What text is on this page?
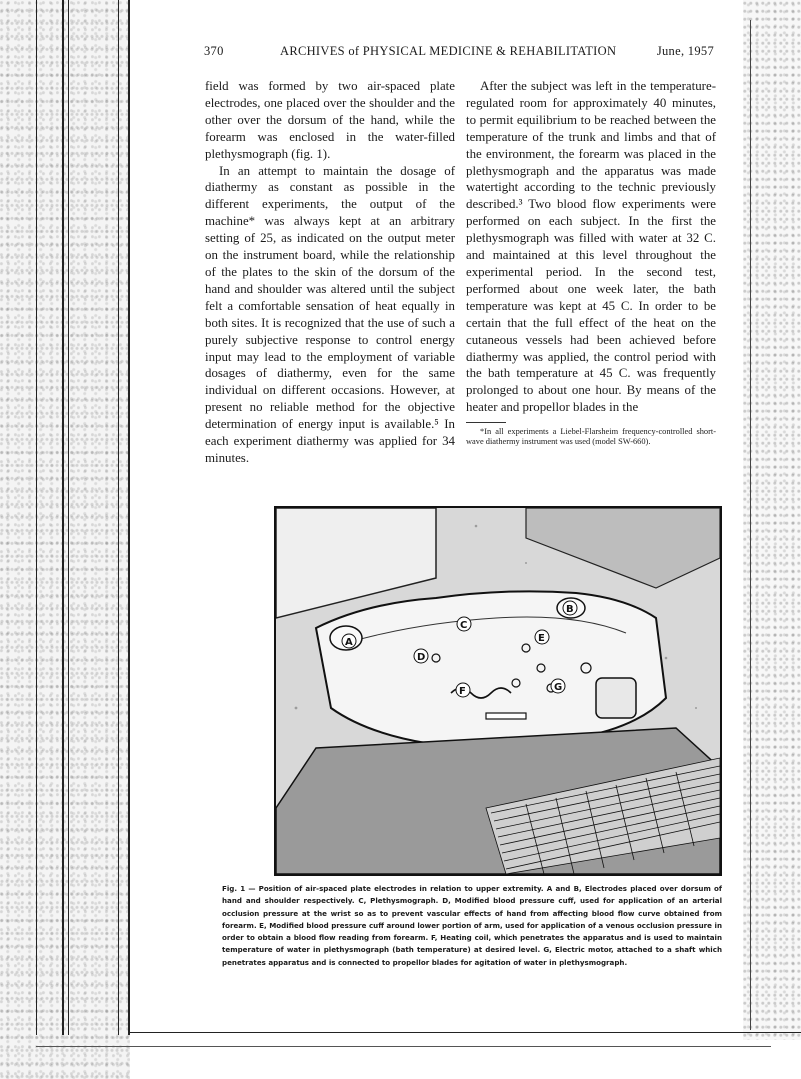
370	ARCHIVES of PHYSICAL MEDICINE & REHABILITATION	June, 1957

field was formed by two air-spaced plate electrodes, one placed over the shoulder and the other over the dorsum of the hand, while the forearm was enclosed in the water-filled plethysmograph (fig. 1).

In an attempt to maintain the dosage of diathermy as constant as possible in the different experiments, the output of the machine* was always kept at an arbitrary setting of 25, as indicated on the output meter on the instrument board, while the relationship of the plates to the skin of the dorsum of the hand and shoulder was altered until the subject felt a comfortable sensation of heat equally in both sites. It is recognized that the use of such a purely subjective response to control energy input may lead to the employment of variable dosages of diathermy, even for the same individual on different occasions. However, at present no reliable method for the objective determination of energy input is available.⁵ In each experiment diathermy was applied for 34 minutes.

After the subject was left in the temperature-regulated room for approximately 40 minutes, to permit equilibrium to be reached between the temperature of the trunk and limbs and that of the environment, the forearm was placed in the plethysmograph and the apparatus was made watertight according to the technic previously described.³ Two blood flow experiments were performed on each subject. In the first the plethysmograph was filled with water at 32 C. and maintained at this level throughout the experimental period. In the second test, performed about one week later, the bath temperature was kept at 45 C. In order to be certain that the full effect of the heat on the cutaneous vessels had been achieved before diathermy was applied, the control period with the bath temperature at 45 C. was frequently prolonged to about one hour. By means of the heater and propellor blades in the

*In all experiments a Liebel-Flarsheim frequency-controlled short-wave diathermy instrument was used (model SW-660).

A
B
C
D
E
F	G
Fig. 1 — Position of air-spaced plate electrodes in relation to upper extremity. A and B, Electrodes placed over dorsum of hand and shoulder respectively. C, Plethysmograph. D, Modified blood pressure cuff, used for application of an arterial occlusion pressure at the wrist so as to prevent vascular effects of hand from affecting blood flow curve obtained from forearm. E, Modified blood pressure cuff around lower portion of arm, used for application of a venous occlusion pressure in order to obtain a blood flow reading from forearm. F, Heating coil, which penetrates the apparatus and is used to maintain temperature of water in plethysmograph (bath temperature) at desired level. G, Electric motor, attached to a shaft which penetrates apparatus and is connected to propellor blades for agitation of water in plethysmograph.
